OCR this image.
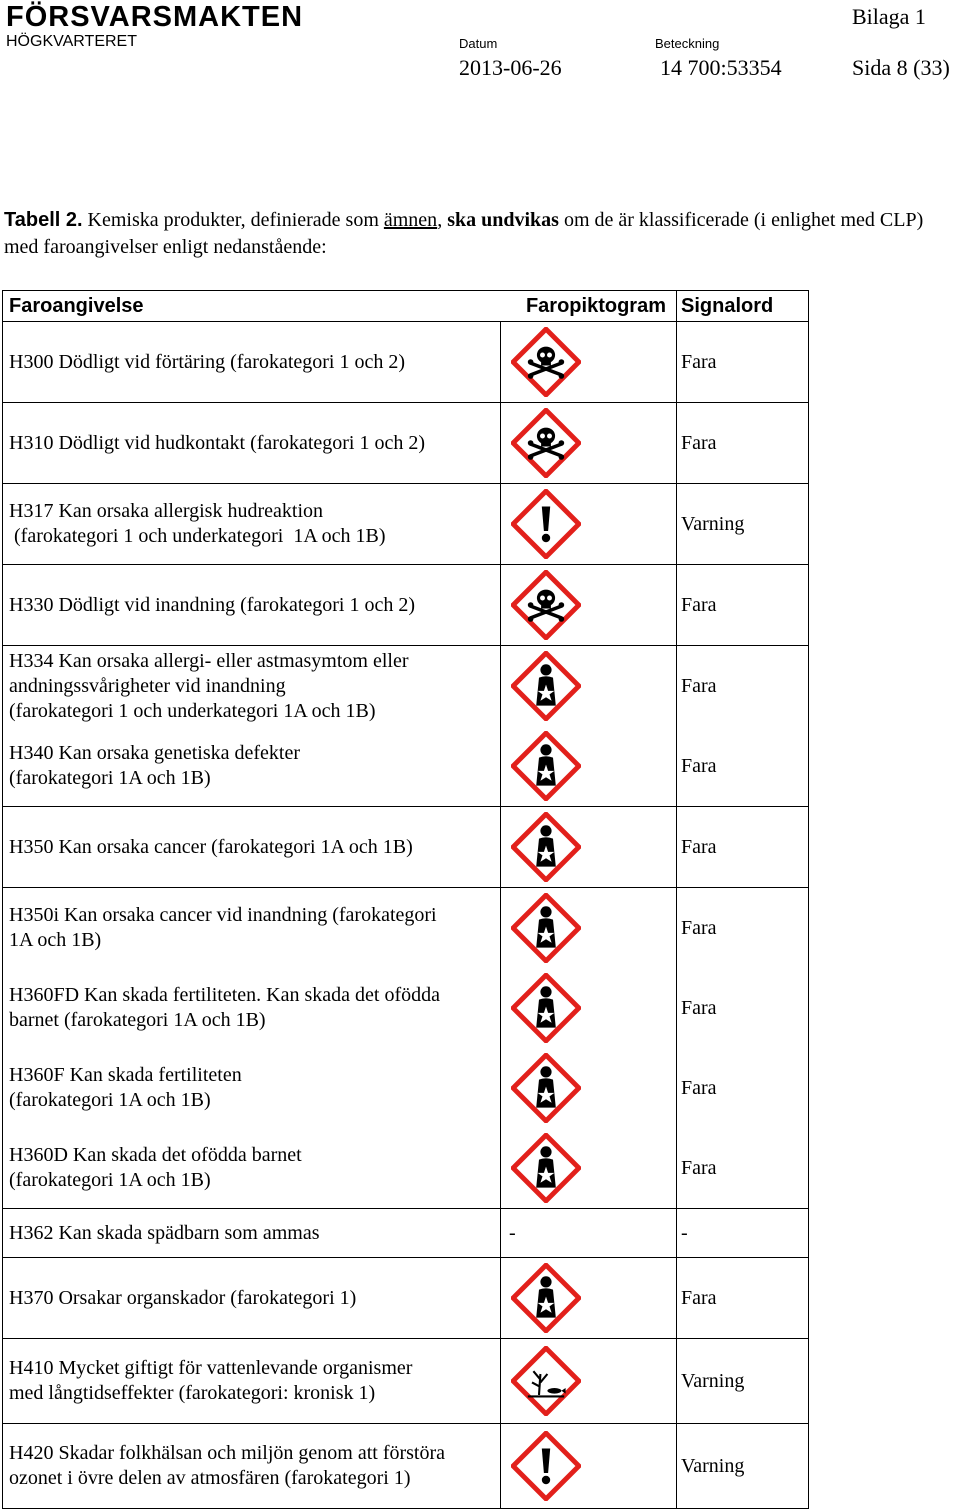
FÖRSVARSMAKTEN
HÖGKVARTERET
Bilaga 1
Datum	Beteckning
2013-06-26	14 700:53354	Sida 8 (33)
Tabell 2. Kemiska produkter, definierade som ämnen, ska undvikas om de är klassificerade (i enlighet med CLP) med faroangivelser enligt nedanstående:
Faroangivelse	Faropiktogram	Signalord

H300 Dödligt vid förtäring (farokategori 1 och 2)		Fara

H310 Dödligt vid hudkontakt (farokategori 1 och 2)		Fara

H317 Kan orsaka allergisk hudreaktion
(farokategori 1 och underkategori  1A och 1B)		Varning

H330 Dödligt vid inandning (farokategori 1 och 2)		Fara

H334 Kan orsaka allergi- eller astmasymtom eller
andningssvårigheter vid inandning
(farokategori 1 och underkategori 1A och 1B)		Fara

H340 Kan orsaka genetiska defekter
(farokategori 1A och 1B)		Fara

H350 Kan orsaka cancer (farokategori 1A och 1B)		Fara

H350i Kan orsaka cancer vid inandning (farokategori
1A och 1B)		Fara

H360FD Kan skada fertiliteten. Kan skada det ofödda
barnet (farokategori 1A och 1B)		Fara

H360F Kan skada fertiliteten
(farokategori 1A och 1B)		Fara

H360D Kan skada det ofödda barnet
(farokategori 1A och 1B)		Fara

H362 Kan skada spädbarn som ammas	-	-

H370 Orsakar organskador (farokategori 1)		Fara

H410 Mycket giftigt för vattenlevande organismer
med långtidseffekter (farokategori: kronisk 1)		Varning

H420 Skadar folkhälsan och miljön genom att förstöra
ozonet i övre delen av atmosfären (farokategori 1)		Varning
